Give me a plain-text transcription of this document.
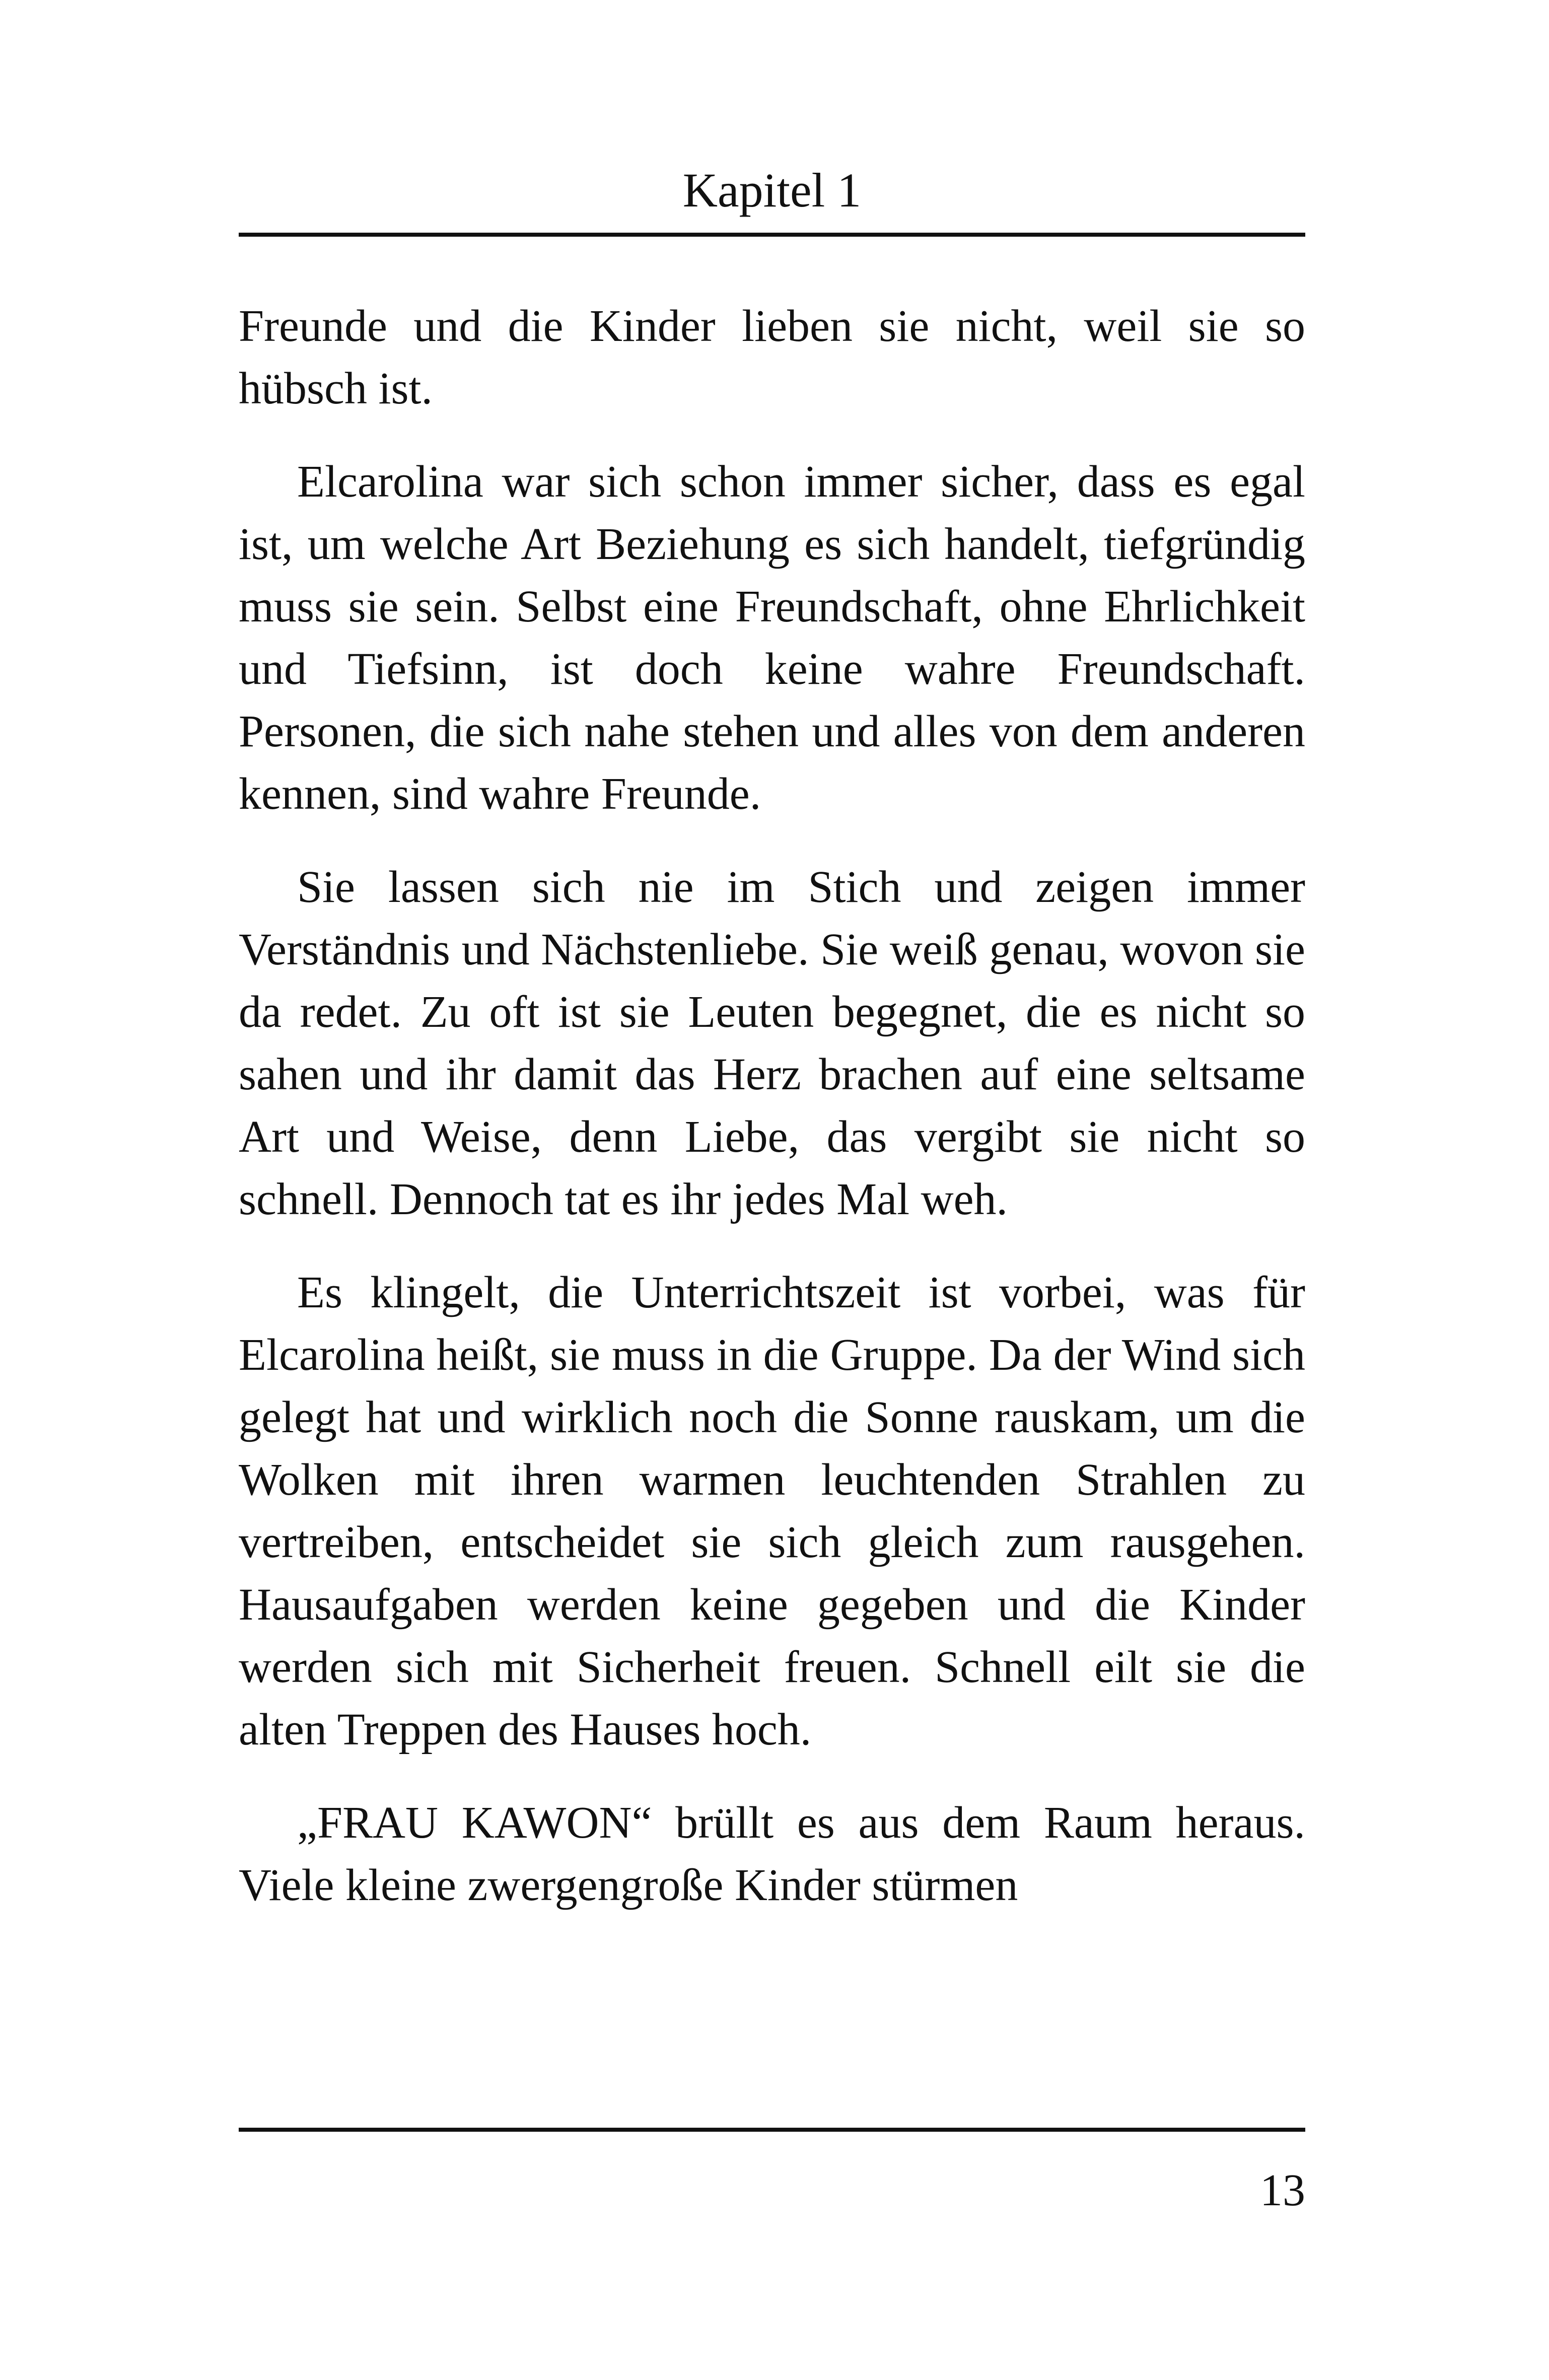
Kapitel 1

Freunde und die Kinder lieben sie nicht, weil sie so hübsch ist.

Elcarolina war sich schon immer sicher, dass es egal ist, um welche Art Beziehung es sich handelt, tiefgründig muss sie sein. Selbst eine Freundschaft, ohne Ehrlichkeit und Tiefsinn, ist doch keine wahre Freundschaft. Personen, die sich nahe stehen und alles von dem anderen kennen, sind wahre Freunde.

Sie lassen sich nie im Stich und zeigen immer Verständnis und Nächstenliebe. Sie weiß genau, wovon sie da redet. Zu oft ist sie Leuten begegnet, die es nicht so sahen und ihr damit das Herz brachen auf eine seltsame Art und Weise, denn Liebe, das vergibt sie nicht so schnell. Dennoch tat es ihr jedes Mal weh.

Es klingelt, die Unterrichtszeit ist vorbei, was für Elcarolina heißt, sie muss in die Gruppe. Da der Wind sich gelegt hat und wirklich noch die Sonne rauskam, um die Wolken mit ihren warmen leuchtenden Strahlen zu vertreiben, entscheidet sie sich gleich zum rausgehen. Hausaufgaben werden keine gegeben und die Kinder werden sich mit Sicherheit freuen. Schnell eilt sie die alten Treppen des Hauses hoch.

„FRAU KAWON“ brüllt es aus dem Raum heraus. Viele kleine zwergengroße Kinder stürmen

13
